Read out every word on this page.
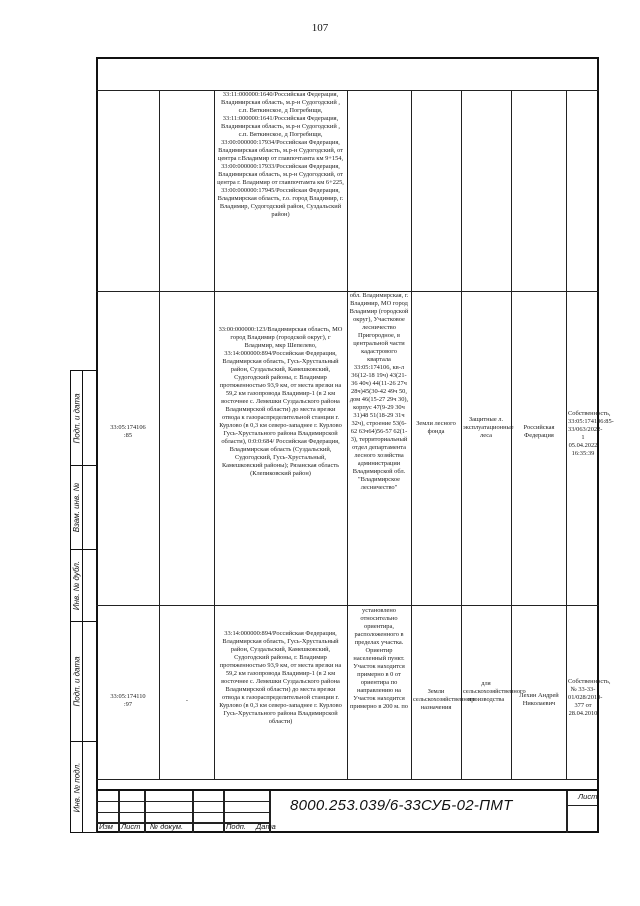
107
Подп. и дата
Инв. № дубл.
Взам. инв. №
Подп. и дата
Инв. № подл.
33:11:000000:1640/Российская Федерация, Владимирская область, м.р-н Судогодский , с.п. Вяткинское, д Погребищи,
33:11:000000:1641/Российская Федерация, Владимирская область, м.р-н Судогодский , с.п. Вяткинское, д Погребищи,
33:00:000000:17934/Российская Федерация, Владимирская область, м.р-н Судогодский, от центра г.Владимир от главпочтамта км 9+154,
33:00:000000:17933/Российская Федерация, Владимирская область, м.р-н Судогодский, от центра г. Владимир от главпочтамта км 6+225,
33:00:000000:17945/Российская Федерация, Владимирская область, г.о. город Владимир, г. Владимир, Судогодский район, Суздальский район)
33:05:174106
:85
33:00:000000:123/Владимирская область, МО город Владимир (городской округ), г Владимир, мкр Шепелево,
33:14:000000:894/Российская Федерация, Владимирская область, Гусь-Хрустальный район, Суздальский, Камешковский, Судогодский районы, г. Владимир протяженностью 93,9 км, от места врезки на 59,2 км газопровода Владимир-1 (в 2 км восточнее с. Лемешки Суздальского района Владимирской области) до места врезки отвода к газораспределительной станции г. Курлово (в 0,3 км северо-западнее г. Курлово Гусь-Хрустального района Владимирской области), 0:0:0:684/ Российская Федерация, Владимирская область (Суздальский, Судогодский, Гусь-Хрустальный, Камешковский районы); Рязанская область (Клепиковский район)
обл. Владимирская, г. Владимир, МО город Владимир (городской округ), Участковое лесничество Пригородное, в центральной части кадастрового квартала 33:05:174106, кв-л 36(12-18 19ч) 43(21-36 40ч) 44(11-26 27ч 28ч)45(30-42 49ч 50, дом 46(15-27 29ч 30), корпус 47(9-29 30ч 31)48 51(18-29 31ч 32ч), строение 53(6-62 63ч64)56-57 62(1-3), территориальный отдел департамента лесного хозяйства администрации Владимирской обл. "Владимирское лесничество"
Земли лесного фонда
Защитные л. эксплуатационные леса
Российская Федерация
Собственность, 33:05:174106:85-33/063/2022-1 05.04.2022 16:35:39
33:05:174110
:97
-
33:14:000000:894/Российская Федерация, Владимирская область, Гусь-Хрустальный район, Суздальский, Камешковский, Судогодский районы, г. Владимир протяженностью 93,9 км, от места врезки на 59,2 км газопровода Владимир-1 (в 2 км восточнее с. Лемешки Суздальского района Владимирской области) до места врезки отвода к газораспределительной станции г. Курлово (в 0,3 км северо-западнее г. Курлово Гусь-Хрустального района Владимирской области)
установлено относительно ориентира, расположенного в пределах участка. Ориентир населенный пункт. Участок находится примерно в 0 от ориентира по направлению на Участок находится примерно в 200 м. по
Земли сельскохозяйственного назначения
для сельскохозяйственного производства
Лехин Андрей Николаевич
Собственность, № 33-33-01/028/2010-377 от 28.04.2010
8000.253.039/6-33СУБ-02-ПМТ
Лист
Изм Лист № докум.	Подп. Дата
